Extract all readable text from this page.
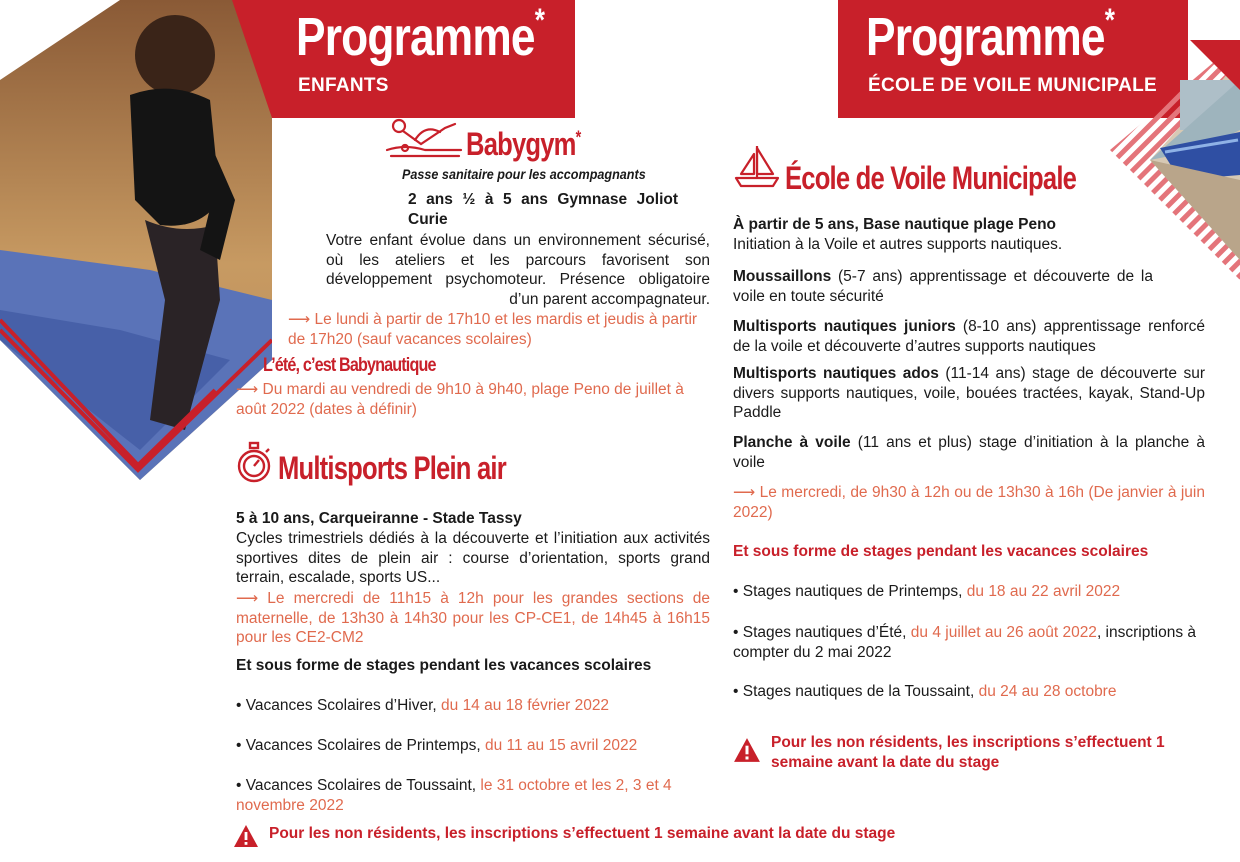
Programme*
ENFANTS
Programme*
ÉCOLE DE VOILE MUNICIPALE
Babygym*
Passe sanitaire pour les accompagnants
2 ans ½ à 5 ans Gymnase Joliot Curie
Votre enfant évolue dans un environnement sécurisé, où les ateliers et les parcours favorisent son développement psychomoteur. Présence obligatoire d’un parent accompagnateur.
⟶ Le lundi à partir de 17h10 et les mardis et jeudis à partir de 17h20 (sauf vacances scolaires)
L’été, c’est Babynautique
⟶ Du mardi au vendredi de 9h10 à 9h40, plage Peno de juillet à août 2022 (dates à définir)
Multisports Plein air
5 à 10 ans, Carqueiranne - Stade Tassy
Cycles trimestriels dédiés à la découverte et l’initiation aux activités sportives dites de plein air : course d’orientation, sports grand terrain, escalade, sports US...
⟶ Le mercredi de 11h15 à 12h pour les grandes sections de maternelle, de 13h30 à 14h30 pour les CP-CE1, de 14h45 à 16h15 pour les CE2-CM2
Et sous forme de stages pendant les vacances scolaires
• Vacances Scolaires d’Hiver, du 14 au 18 février 2022
• Vacances Scolaires de Printemps, du 11 au 15 avril 2022
• Vacances Scolaires de Toussaint, le 31 octobre et les 2, 3 et 4 novembre 2022
Pour les non résidents, les inscriptions s’effectuent 1 semaine avant la date du stage
École de Voile Municipale
À partir de 5 ans, Base nautique plage Peno
Initiation à la Voile et autres supports nautiques.
Moussaillons (5-7 ans) apprentissage et découverte de la voile en toute sécurité
Multisports nautiques juniors (8-10 ans) apprentissage renforcé de la voile et découverte d’autres supports nautiques
Multisports nautiques ados (11-14 ans) stage de découverte sur divers supports nautiques, voile, bouées tractées, kayak, Stand-Up Paddle
Planche à voile (11 ans et plus) stage d’initiation à la planche à voile
⟶ Le mercredi, de 9h30 à 12h ou de 13h30 à 16h (De janvier à juin 2022)
Et sous forme de stages pendant les vacances scolaires
• Stages nautiques de Printemps, du 18 au 22 avril 2022
• Stages nautiques d’Été, du 4 juillet au 26 août 2022, inscriptions à compter du 2 mai 2022
• Stages nautiques de la Toussaint, du 24 au 28 octobre
Pour les non résidents, les inscriptions s’effectuent 1 semaine avant la date du stage
